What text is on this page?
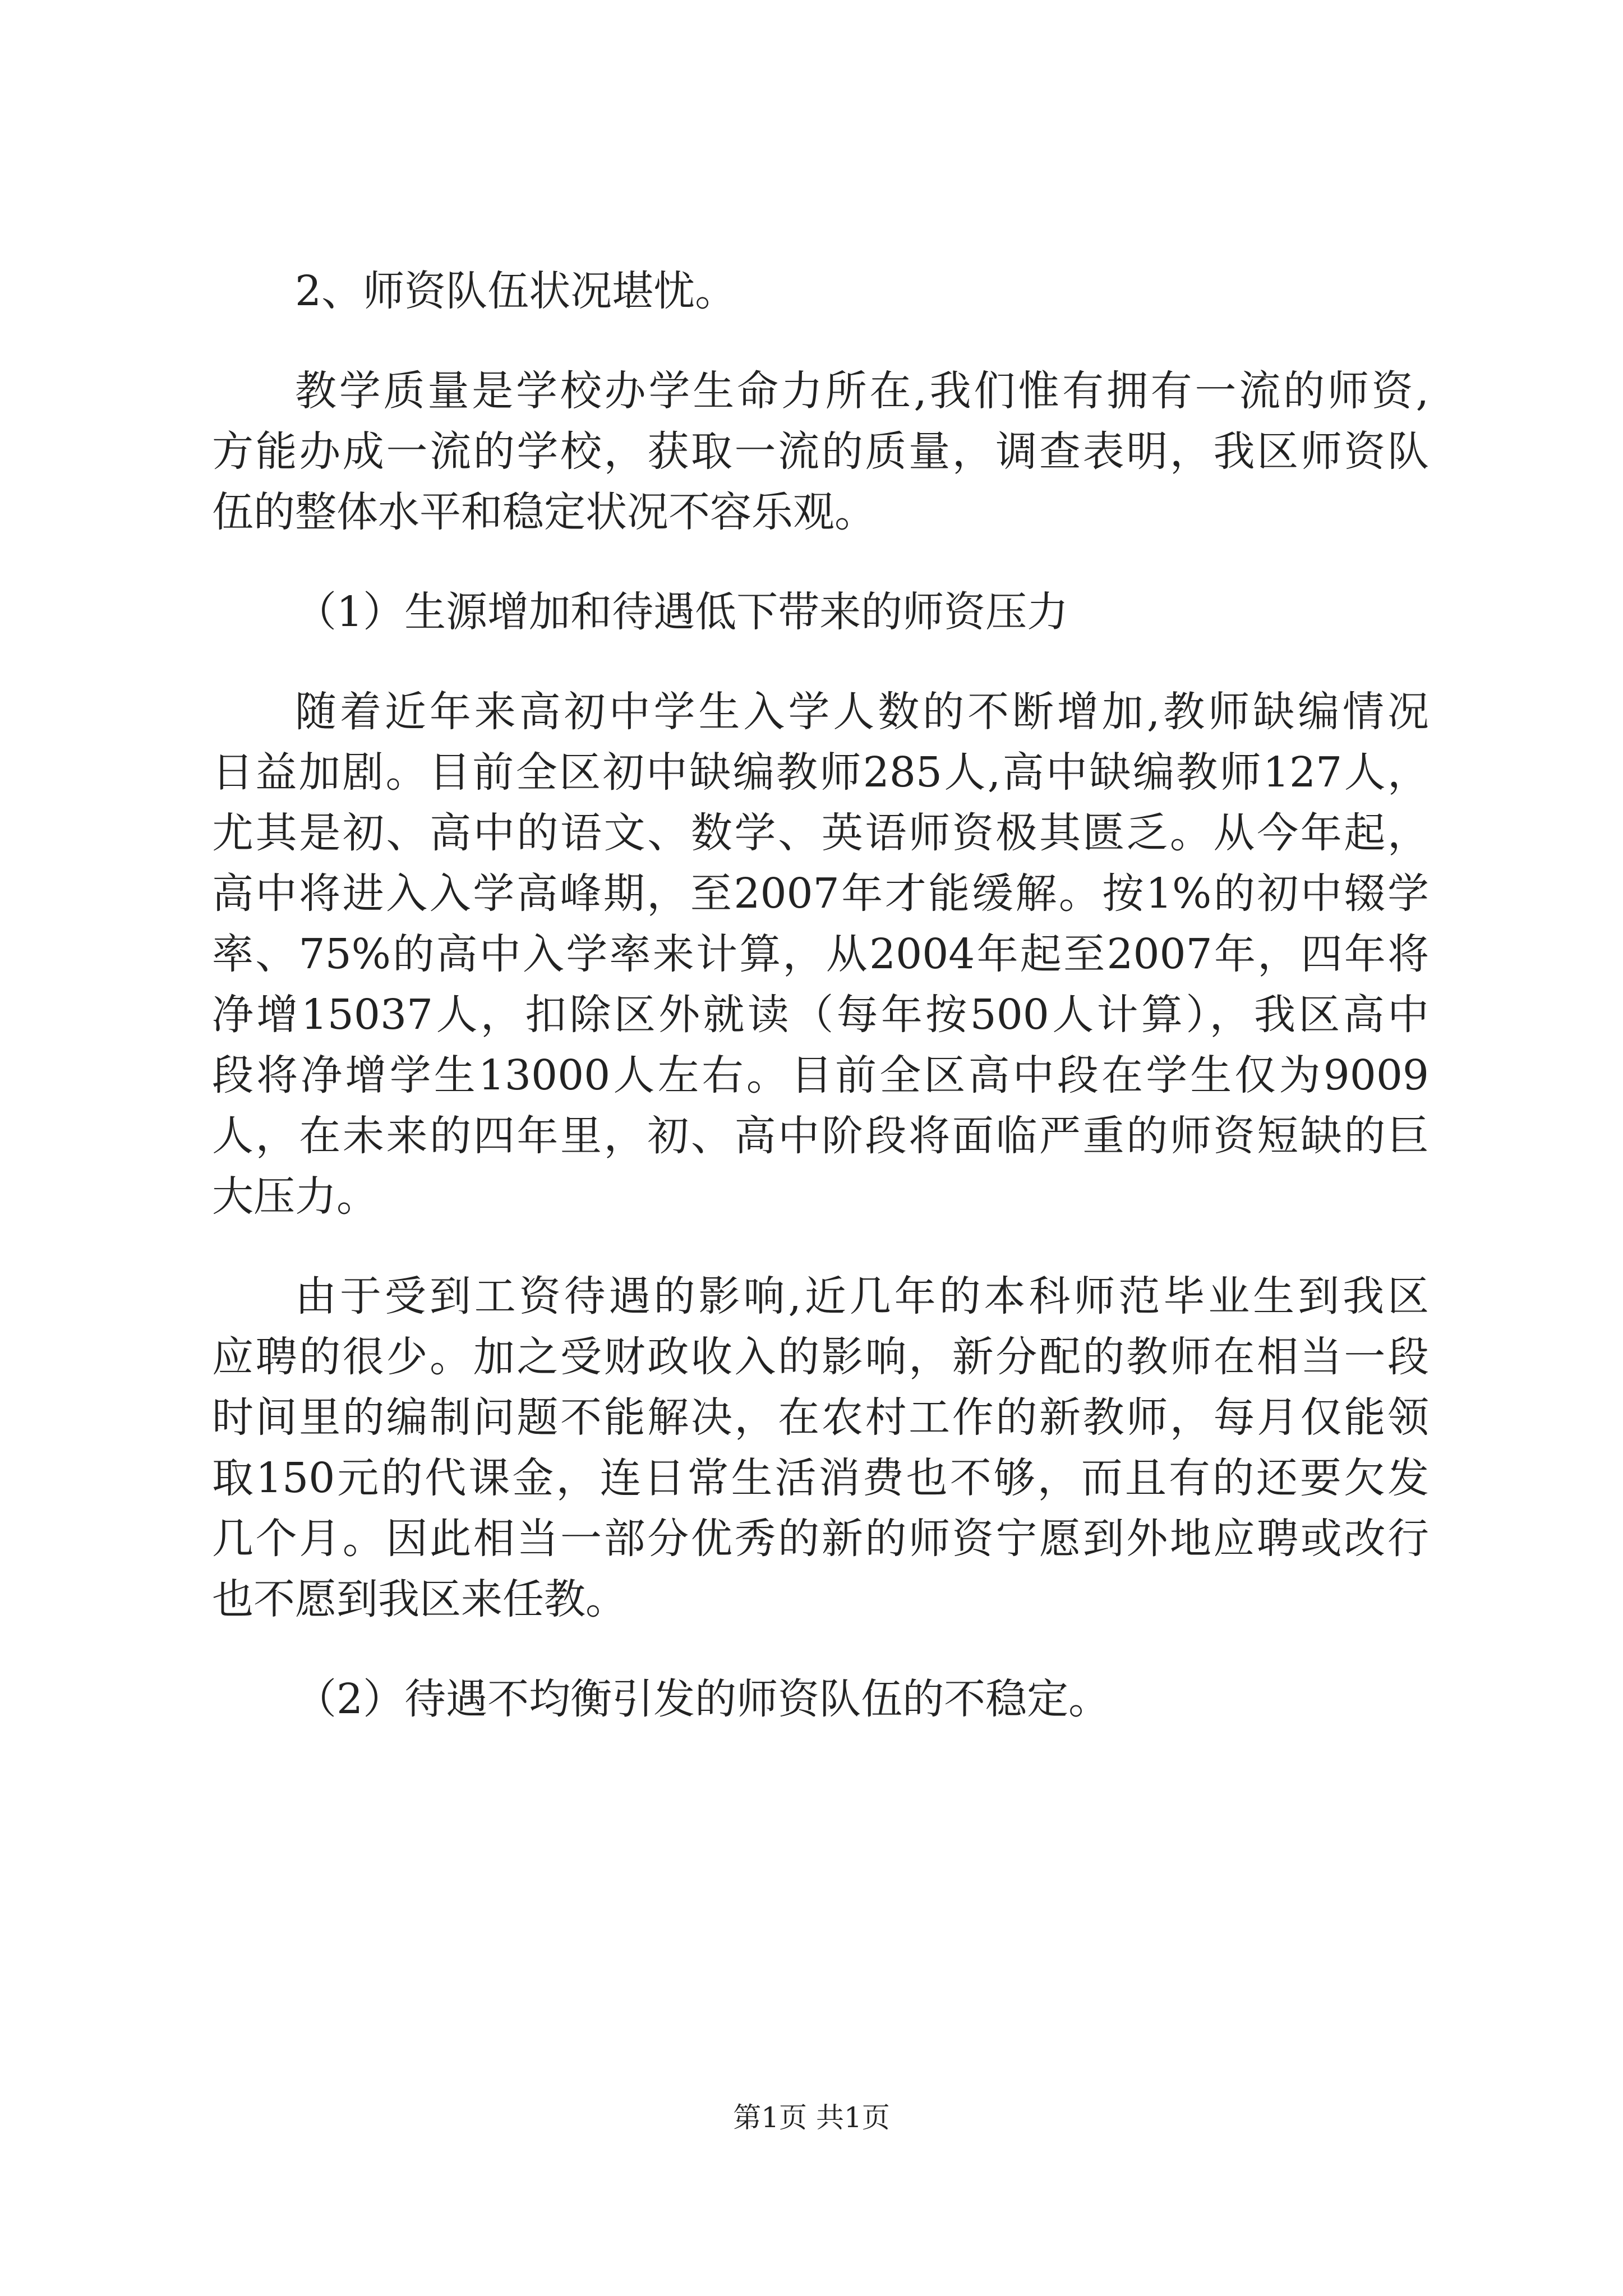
2、师资队伍状况堪忧。
教学质量是学校办学生命力所在,我们惟有拥有一流的师资,
方能办成一流的学校，获取一流的质量，调查表明，我区师资队
伍的整体水平和稳定状况不容乐观。
（1）生源增加和待遇低下带来的师资压力
随着近年来高初中学生入学人数的不断增加,教师缺编情况
日益加剧。目前全区初中缺编教师285人,高中缺编教师127人，
尤其是初、高中的语文、数学、英语师资极其匮乏。从今年起，
高中将进入入学高峰期，至2007年才能缓解。按1%的初中辍学
率、75%的高中入学率来计算，从2004年起至2007年，四年将
净增15037人，扣除区外就读（每年按500人计算），我区高中
段将净增学生13000人左右。目前全区高中段在学生仅为9009
人，在未来的四年里，初、高中阶段将面临严重的师资短缺的巨
大压力。
由于受到工资待遇的影响,近几年的本科师范毕业生到我区
应聘的很少。加之受财政收入的影响，新分配的教师在相当一段
时间里的编制问题不能解决，在农村工作的新教师，每月仅能领
取150元的代课金，连日常生活消费也不够，而且有的还要欠发
几个月。因此相当一部分优秀的新的师资宁愿到外地应聘或改行
也不愿到我区来任教。
（2）待遇不均衡引发的师资队伍的不稳定。
第1页 共1页
